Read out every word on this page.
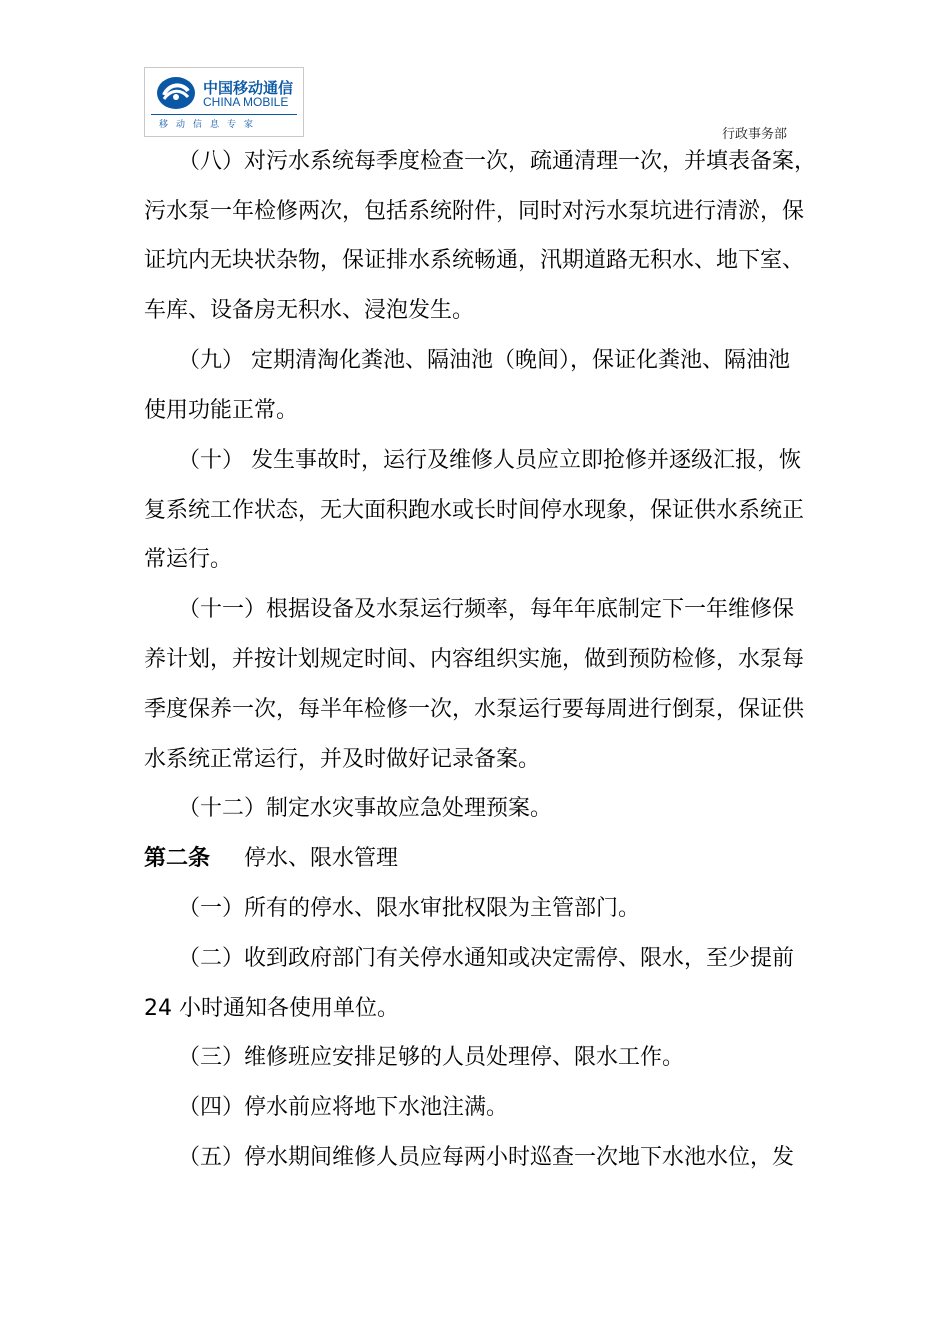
中国移动通信
CHINA MOBILE
移动信息专家
行政事务部
（八）对污水系统每季度检查一次，疏通清理一次，并填表备案，
污水泵一年检修两次，包括系统附件，同时对污水泵坑进行清淤，保
证坑内无块状杂物，保证排水系统畅通，汛期道路无积水、地下室、
车库、设备房无积水、浸泡发生。
（九） 定期清淘化粪池、隔油池（晚间），保证化粪池、隔油池
使用功能正常。
（十） 发生事故时，运行及维修人员应立即抢修并逐级汇报，恢
复系统工作状态，无大面积跑水或长时间停水现象，保证供水系统正
常运行。
（十一）根据设备及水泵运行频率，每年年底制定下一年维修保
养计划，并按计划规定时间、内容组织实施，做到预防检修，水泵每
季度保养一次，每半年检修一次，水泵运行要每周进行倒泵，保证供
水系统正常运行，并及时做好记录备案。
（十二）制定水灾事故应急处理预案。
第二条 停水、限水管理
（一）所有的停水、限水审批权限为主管部门。
（二）收到政府部门有关停水通知或决定需停、限水，至少提前
24 小时通知各使用单位。
（三）维修班应安排足够的人员处理停、限水工作。
（四）停水前应将地下水池注满。
（五）停水期间维修人员应每两小时巡查一次地下水池水位，发
